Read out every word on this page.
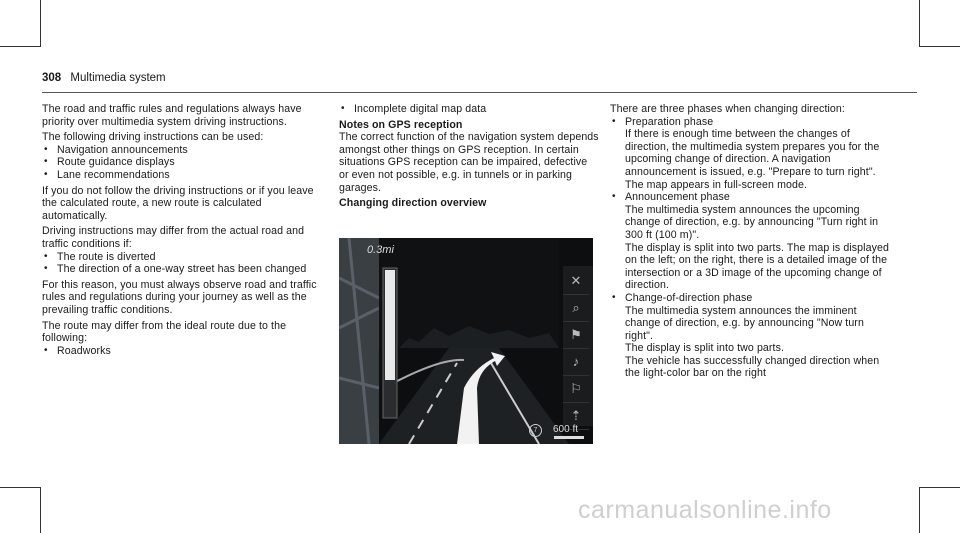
308 Multimedia system

The road and traffic rules and regulations always have priority over multimedia system driving instructions.

The following driving instructions can be used:

• Navigation announcements

• Route guidance displays

• Lane recommendations

If you do not follow the driving instructions or if you leave the calculated route, a new route is calculated automatically.

Driving instructions may differ from the actual road and traffic conditions if:

• The route is diverted

• The direction of a one-way street has been changed

For this reason, you must always observe road and traffic rules and regulations during your journey as well as the prevailing traffic conditions.

The route may differ from the ideal route due to the following:

• Roadworks

• Incomplete digital map data

Notes on GPS reception

The correct function of the navigation system depends amongst other things on GPS reception. In certain situations GPS reception can be impaired, defective or even not possible, e.g. in tunnels or in parking garages.

Changing direction overview

0.3mi
✕
⌕
⚑
♪
⚐
⇡
7	600 ft

There are three phases when changing direction:

• Preparation phase

If there is enough time between the changes of direction, the multimedia system prepares you for the upcoming change of direction. A navigation announcement is issued, e.g. "Prepare to turn right".

The map appears in full-screen mode.

• Announcement phase

The multimedia system announces the upcoming change of direction, e.g. by announcing "Turn right in 300 ft (100 m)".

The display is split into two parts. The map is displayed on the left; on the right, there is a detailed image of the intersection or a 3D image of the upcoming change of direction.

• Change-of-direction phase

The multimedia system announces the imminent change of direction, e.g. by announcing "Now turn right".

The display is split into two parts.

The vehicle has successfully changed direction when the light-color bar on the right

carmanualsonline.info
